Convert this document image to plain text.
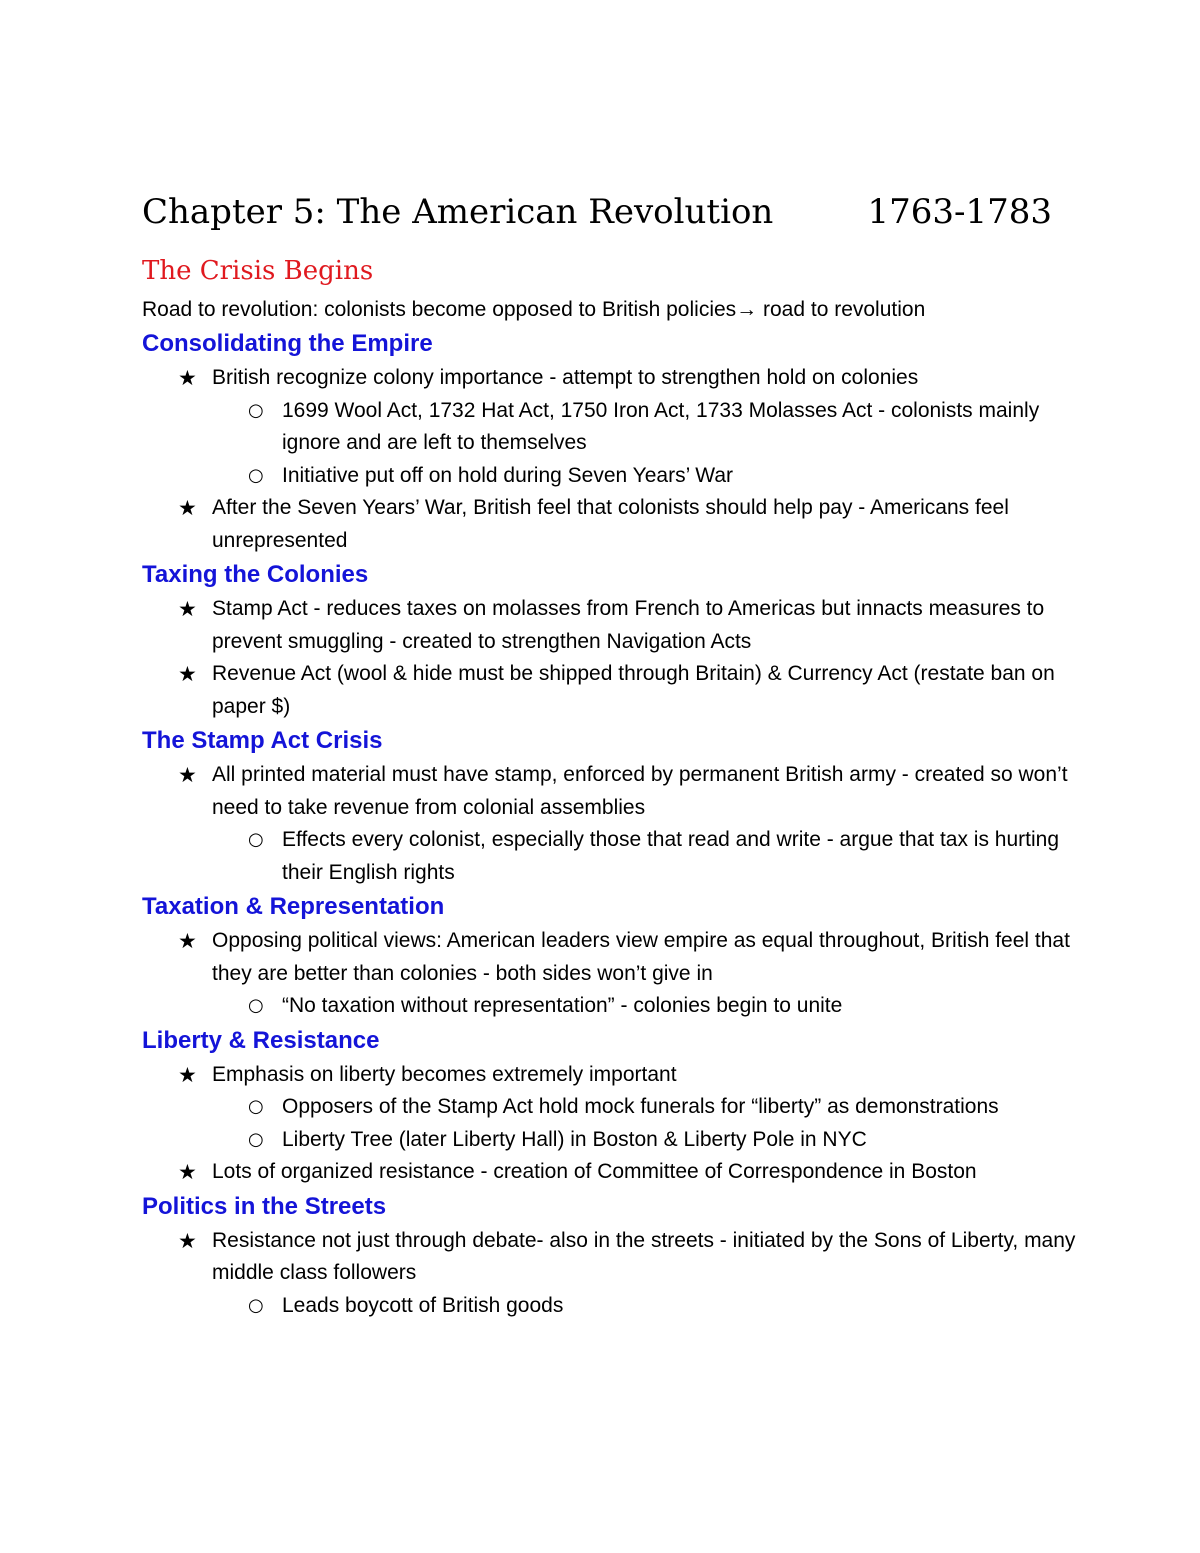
Chapter 5: The American Revolution	1763-1783
The Crisis Begins
Road to revolution: colonists become opposed to British policies→ road to revolution
Consolidating the Empire
★ British recognize colony importance - attempt to strengthen hold on colonies
○ 1699 Wool Act, 1732 Hat Act, 1750 Iron Act, 1733 Molasses Act - colonists mainly ignore and are left to themselves
○ Initiative put off on hold during Seven Years’ War
★ After the Seven Years’ War, British feel that colonists should help pay - Americans feel unrepresented
Taxing the Colonies
★ Stamp Act - reduces taxes on molasses from French to Americas but innacts measures to prevent smuggling - created to strengthen Navigation Acts
★ Revenue Act (wool & hide must be shipped through Britain) & Currency Act (restate ban on paper $)
The Stamp Act Crisis
★ All printed material must have stamp, enforced by permanent British army - created so won’t need to take revenue from colonial assemblies
○ Effects every colonist, especially those that read and write - argue that tax is hurting their English rights
Taxation & Representation
★ Opposing political views: American leaders view empire as equal throughout, British feel that they are better than colonies - both sides won’t give in
○ “No taxation without representation” - colonies begin to unite
Liberty & Resistance
★ Emphasis on liberty becomes extremely important
○ Opposers of the Stamp Act hold mock funerals for “liberty” as demonstrations
○ Liberty Tree (later Liberty Hall) in Boston & Liberty Pole in NYC
★ Lots of organized resistance - creation of Committee of Correspondence in Boston
Politics in the Streets
★ Resistance not just through debate- also in the streets - initiated by the Sons of Liberty, many middle class followers
○ Leads boycott of British goods
